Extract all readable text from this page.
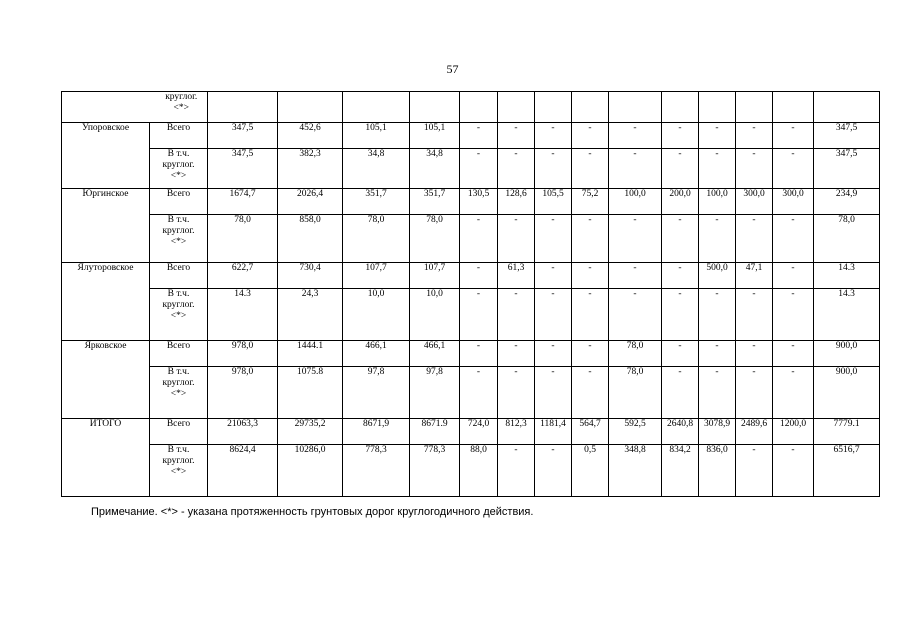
57

	круглог.
<*>														

Упоровское	Всего	347,5	452,6	105,1	105,1	-	-	-	-	-	-	-	-	-	347,5
	В т.ч.
круглог.
<*>	347,5	382,3	34,8	34,8	-	-	-	-	-	-	-	-	-	347,5
Юргинское	Всего	1674,7	2026,4	351,7	351,7	130,5	128,6	105,5	75,2	100,0	200,0	100,0	300,0	300,0	234,9
	В т.ч.
круглог.
<*>	78,0	858,0	78,0	78,0	-	-	-	-	-	-	-	-	-	78,0
Ялуторовское	Всего	622,7	730,4	107,7	107,7	-	61,3	-	-	-	-	500,0	47,1	-	14.3
	В т.ч.
круглог.
<*>	14.3	24,3	10,0	10,0	-	-	-	-	-	-	-	-	-	14.3
Ярковское	Всего	978,0	1444.1	466,1	466,1	-	-	-	-	78,0	-	-	-	-	900,0
	В т.ч.
круглог.
<*>	978,0	1075.8	97,8	97,8	-	-	-	-	78,0	-	-	-	-	900,0
ИТОГО	Всего	21063,3	29735,2	8671,9	8671.9	724,0	812,3	1181,4	564,7	592,5	2640,8	3078,9	2489,6	1200,0	7779.1
	В т.ч.
круглог.
<*>	8624,4	10286,0	778,3	778,3	88,0	-	-	0,5	348,8	834,2	836,0	-	-	6516,7
Примечание. <*> - указана протяженность грунтовых дорог круглогодичного действия.
